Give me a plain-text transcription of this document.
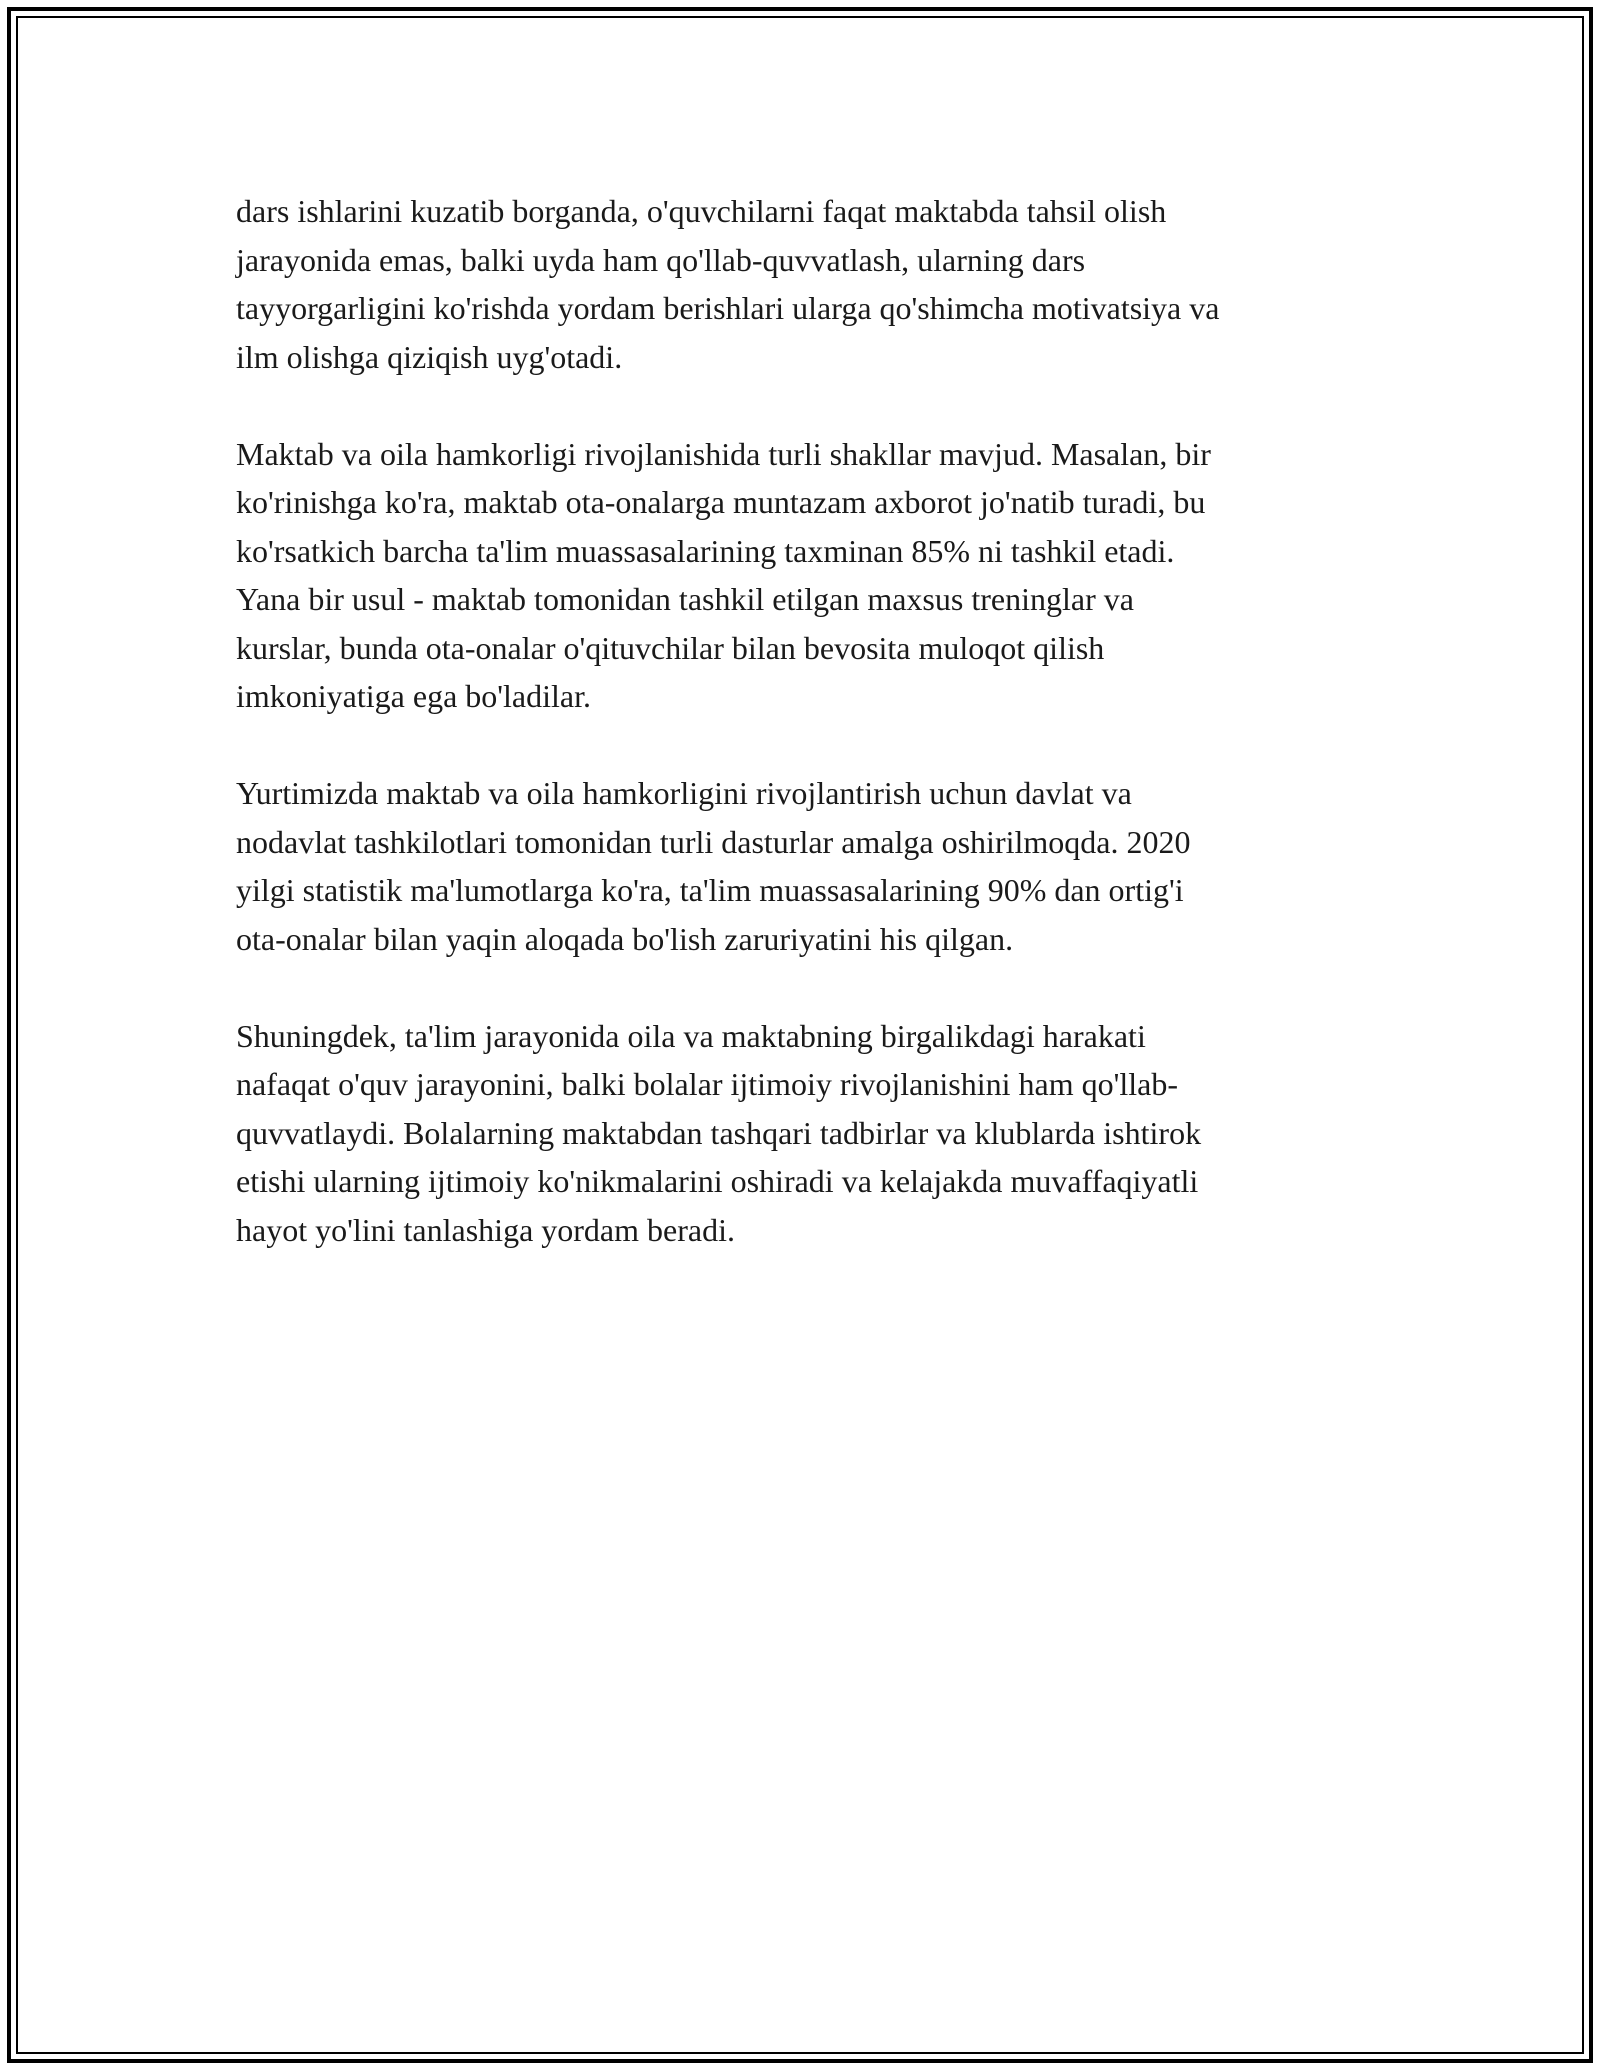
dars ishlarini kuzatib borganda, o'quvchilarni faqat maktabda tahsil olish
jarayonida emas, balki uyda ham qo'llab-quvvatlash, ularning dars
tayyorgarligini ko'rishda yordam berishlari ularga qo'shimcha motivatsiya va
ilm olishga qiziqish uyg'otadi.

Maktab va oila hamkorligi rivojlanishida turli shakllar mavjud. Masalan, bir
ko'rinishga ko'ra, maktab ota-onalarga muntazam axborot jo'natib turadi, bu
ko'rsatkich barcha ta'lim muassasalarining taxminan 85% ni tashkil etadi.
Yana bir usul - maktab tomonidan tashkil etilgan maxsus treninglar va
kurslar, bunda ota-onalar o'qituvchilar bilan bevosita muloqot qilish
imkoniyatiga ega bo'ladilar.

Yurtimizda maktab va oila hamkorligini rivojlantirish uchun davlat va
nodavlat tashkilotlari tomonidan turli dasturlar amalga oshirilmoqda. 2020
yilgi statistik ma'lumotlarga ko'ra, ta'lim muassasalarining 90% dan ortig'i
ota-onalar bilan yaqin aloqada bo'lish zaruriyatini his qilgan.

Shuningdek, ta'lim jarayonida oila va maktabning birgalikdagi harakati
nafaqat o'quv jarayonini, balki bolalar ijtimoiy rivojlanishini ham qo'llab-
quvvatlaydi. Bolalarning maktabdan tashqari tadbirlar va klublarda ishtirok
etishi ularning ijtimoiy ko'nikmalarini oshiradi va kelajakda muvaffaqiyatli
hayot yo'lini tanlashiga yordam beradi.
